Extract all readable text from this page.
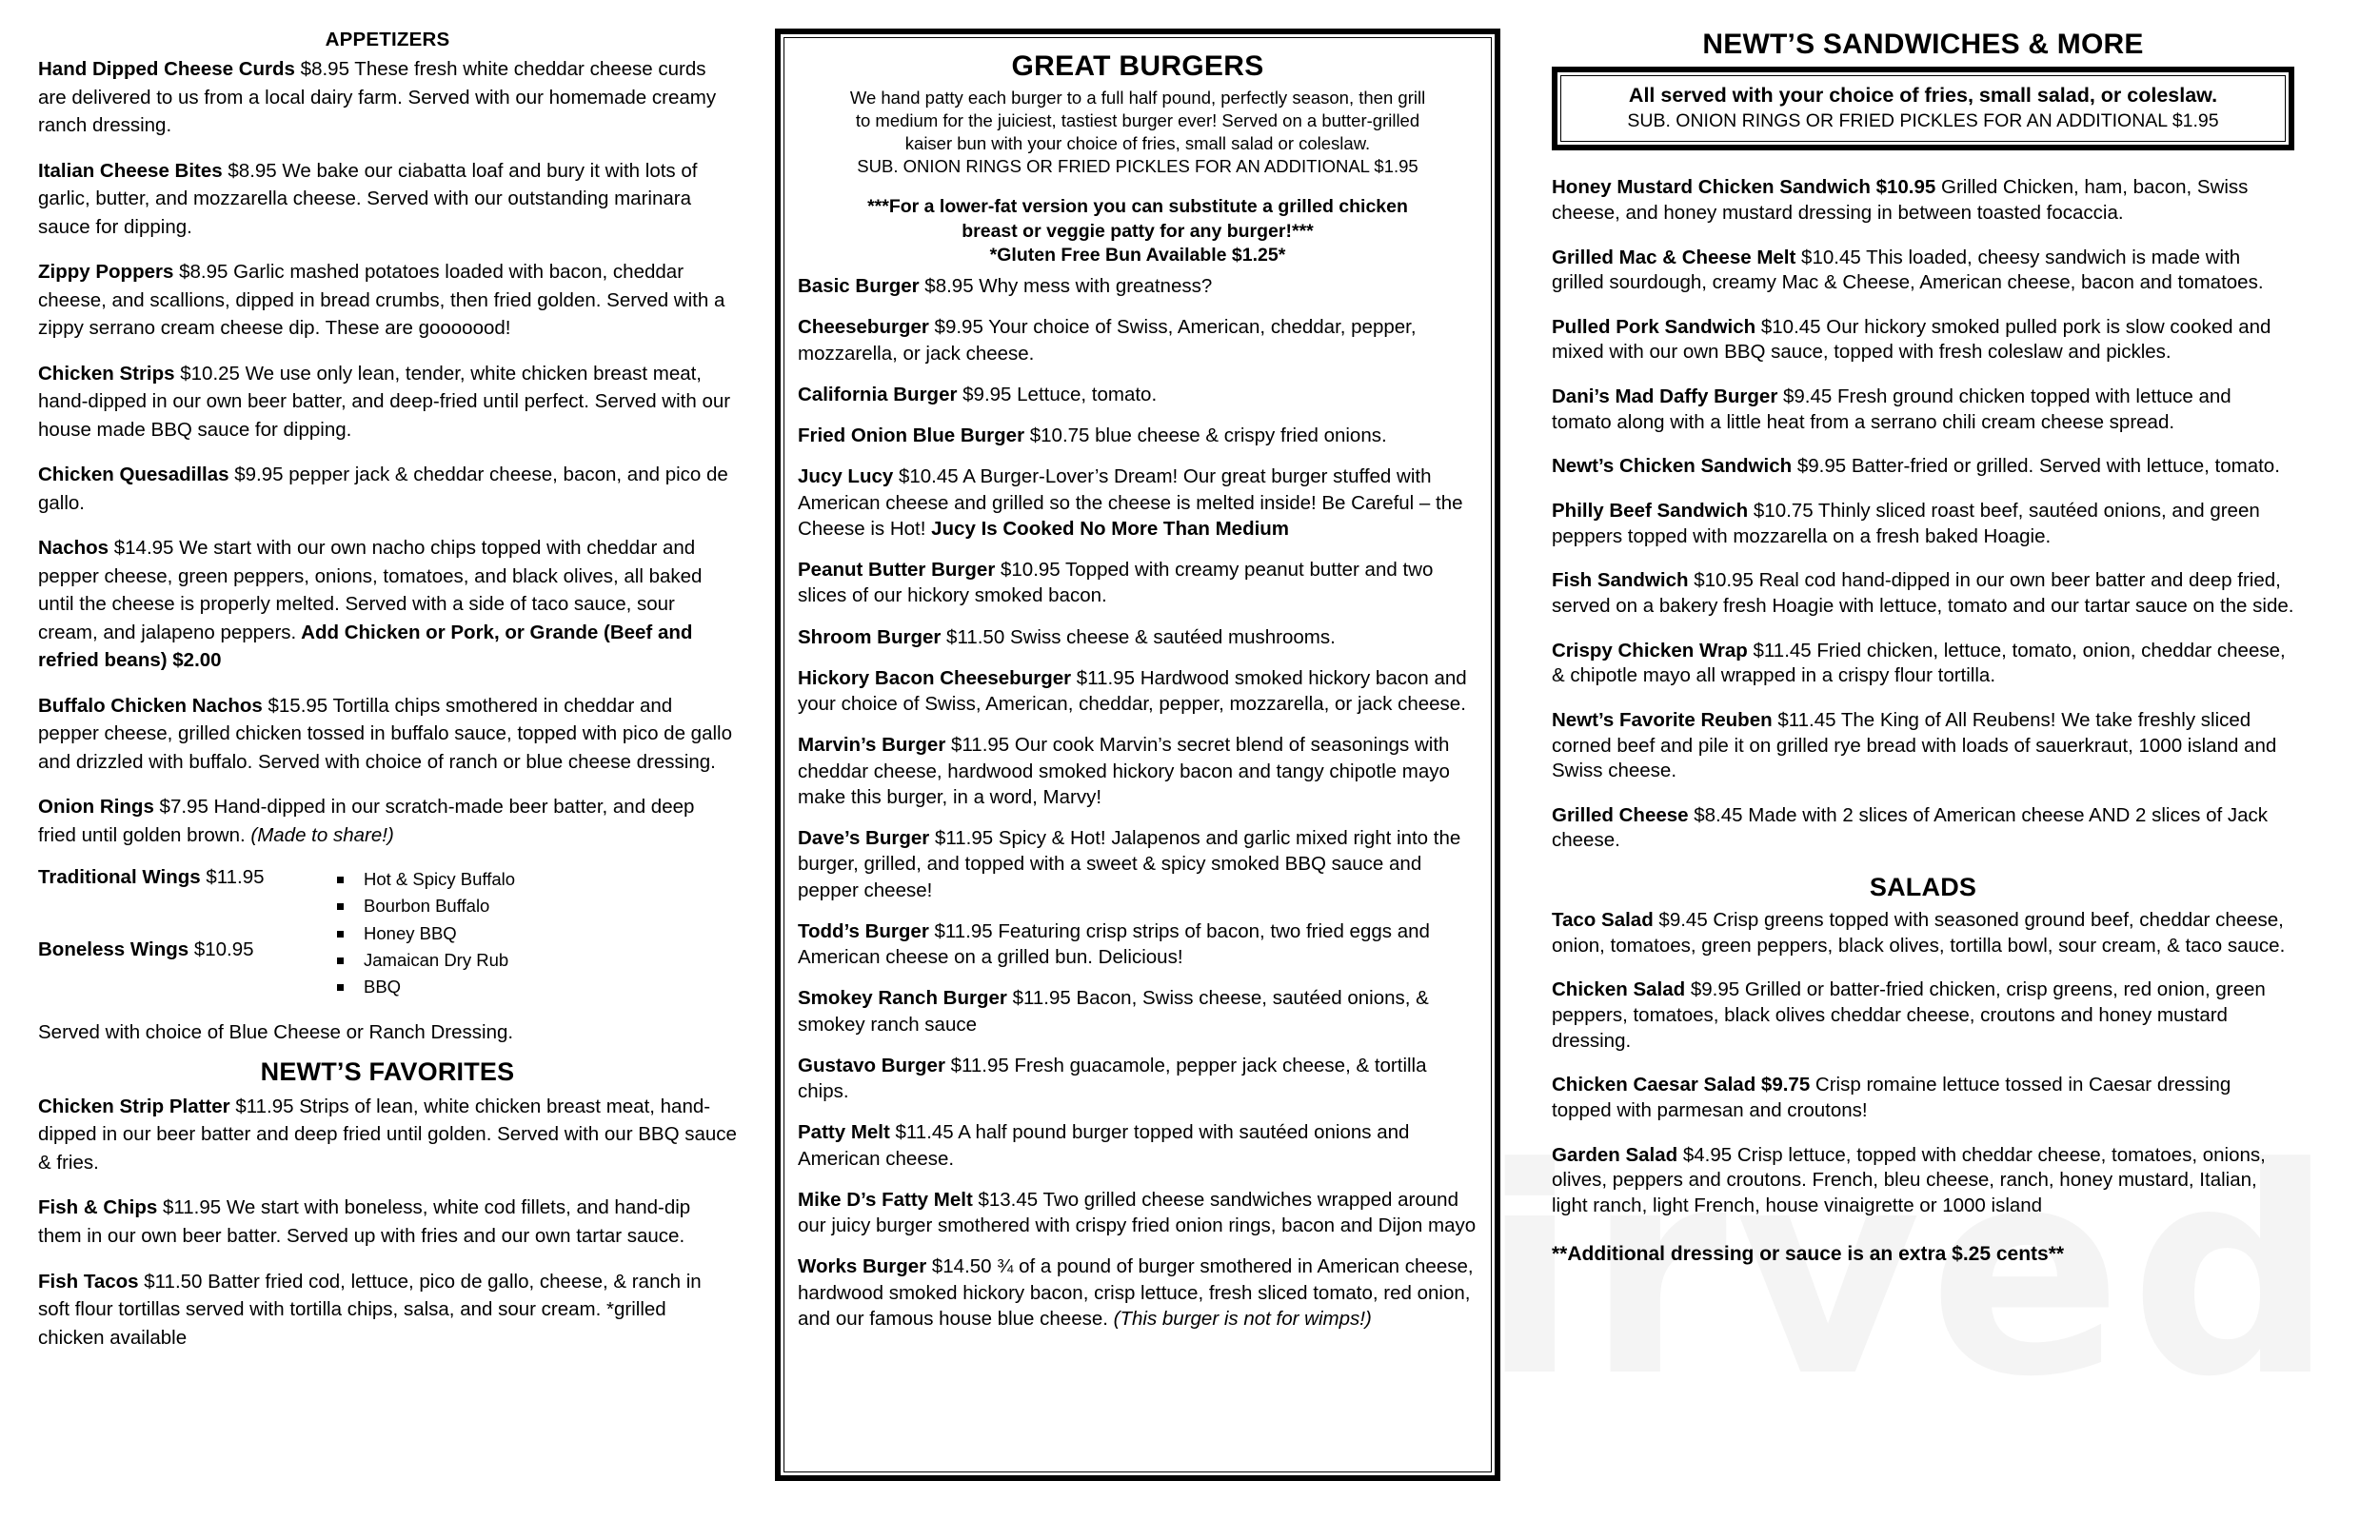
APPETIZERS

Hand Dipped Cheese Curds $8.95 These fresh white cheddar cheese curds are delivered to us from a local dairy farm. Served with our homemade creamy ranch dressing.

Italian Cheese Bites $8.95 We bake our ciabatta loaf and bury it with lots of garlic, butter, and mozzarella cheese. Served with our outstanding marinara sauce for dipping.

Zippy Poppers $8.95 Garlic mashed potatoes loaded with bacon, cheddar cheese, and scallions, dipped in bread crumbs, then fried golden. Served with a zippy serrano cream cheese dip. These are gooooood!

Chicken Strips $10.25 We use only lean, tender, white chicken breast meat, hand-dipped in our own beer batter, and deep-fried until perfect. Served with our house made BBQ sauce for dipping.

Chicken Quesadillas $9.95 pepper jack & cheddar cheese, bacon, and pico de gallo.

Nachos $14.95 We start with our own nacho chips topped with cheddar and pepper cheese, green peppers, onions, tomatoes, and black olives, all baked until the cheese is properly melted. Served with a side of taco sauce, sour cream, and jalapeno peppers. Add Chicken or Pork, or Grande (Beef and refried beans) $2.00

Buffalo Chicken Nachos $15.95 Tortilla chips smothered in cheddar and pepper cheese, grilled chicken tossed in buffalo sauce, topped with pico de gallo and drizzled with buffalo. Served with choice of ranch or blue cheese dressing.

Onion Rings $7.95 Hand-dipped in our scratch-made beer batter, and deep fried until golden brown. (Made to share!)

Traditional Wings $11.95
Boneless Wings $10.95
Hot & Spicy Buffalo
Bourbon Buffalo
Honey BBQ
Jamaican Dry Rub
BBQ
Served with choice of Blue Cheese or Ranch Dressing.
NEWT’S FAVORITES

Chicken Strip Platter $11.95 Strips of lean, white chicken breast meat, hand-dipped in our beer batter and deep fried until golden. Served with our BBQ sauce & fries.

Fish & Chips $11.95 We start with boneless, white cod fillets, and hand-dip them in our own beer batter. Served up with fries and our own tartar sauce.

Fish Tacos $11.50 Batter fried cod, lettuce, pico de gallo, cheese, & ranch in soft flour tortillas served with tortilla chips, salsa, and sour cream. *grilled chicken available

GREAT BURGERS
We hand patty each burger to a full half pound, perfectly season, then grill
to medium for the juiciest, tastiest burger ever! Served on a butter-grilled
kaiser bun with your choice of fries, small salad or coleslaw.
SUB. ONION RINGS OR FRIED PICKLES FOR AN ADDITIONAL $1.95
***For a lower-fat version you can substitute a grilled chicken
breast or veggie patty for any burger!***
*Gluten Free Bun Available $1.25*

Basic Burger $8.95 Why mess with greatness?

Cheeseburger $9.95 Your choice of Swiss, American, cheddar, pepper, mozzarella, or jack cheese.

California Burger $9.95 Lettuce, tomato.

Fried Onion Blue Burger $10.75 blue cheese & crispy fried onions.

Jucy Lucy $10.45 A Burger-Lover’s Dream! Our great burger stuffed with American cheese and grilled so the cheese is melted inside! Be Careful – the Cheese is Hot! Jucy Is Cooked No More Than Medium

Peanut Butter Burger $10.95 Topped with creamy peanut butter and two slices of our hickory smoked bacon.

Shroom Burger $11.50 Swiss cheese & sautéed mushrooms.

Hickory Bacon Cheeseburger $11.95 Hardwood smoked hickory bacon and your choice of Swiss, American, cheddar, pepper, mozzarella, or jack cheese.

Marvin’s Burger $11.95 Our cook Marvin’s secret blend of seasonings with cheddar cheese, hardwood smoked hickory bacon and tangy chipotle mayo make this burger, in a word, Marvy!

Dave’s Burger $11.95 Spicy & Hot! Jalapenos and garlic mixed right into the burger, grilled, and topped with a sweet & spicy smoked BBQ sauce and pepper cheese!

Todd’s Burger $11.95 Featuring crisp strips of bacon, two fried eggs and American cheese on a grilled bun. Delicious!

Smokey Ranch Burger $11.95 Bacon, Swiss cheese, sautéed onions, & smokey ranch sauce

Gustavo Burger $11.95 Fresh guacamole, pepper jack cheese, & tortilla chips.

Patty Melt $11.45 A half pound burger topped with sautéed onions and American cheese.

Mike D’s Fatty Melt $13.45 Two grilled cheese sandwiches wrapped around our juicy burger smothered with crispy fried onion rings, bacon and Dijon mayo

Works Burger $14.50 ¾ of a pound of burger smothered in American cheese, hardwood smoked hickory bacon, crisp lettuce, fresh sliced tomato, red onion, and our famous house blue cheese. (This burger is not for wimps!)

NEWT’S SANDWICHES & MORE
All served with your choice of fries, small salad, or coleslaw.
SUB. ONION RINGS OR FRIED PICKLES FOR AN ADDITIONAL $1.95

Honey Mustard Chicken Sandwich $10.95 Grilled Chicken, ham, bacon, Swiss cheese, and honey mustard dressing in between toasted focaccia.

Grilled Mac & Cheese Melt $10.45 This loaded, cheesy sandwich is made with grilled sourdough, creamy Mac & Cheese, American cheese, bacon and tomatoes.

Pulled Pork Sandwich $10.45 Our hickory smoked pulled pork is slow cooked and mixed with our own BBQ sauce, topped with fresh coleslaw and pickles.

Dani’s Mad Daffy Burger $9.45 Fresh ground chicken topped with lettuce and tomato along with a little heat from a serrano chili cream cheese spread.

Newt’s Chicken Sandwich $9.95 Batter-fried or grilled. Served with lettuce, tomato.

Philly Beef Sandwich $10.75 Thinly sliced roast beef, sautéed onions, and green peppers topped with mozzarella on a fresh baked Hoagie.

Fish Sandwich $10.95 Real cod hand-dipped in our own beer batter and deep fried, served on a bakery fresh Hoagie with lettuce, tomato and our tartar sauce on the side.

Crispy Chicken Wrap $11.45 Fried chicken, lettuce, tomato, onion, cheddar cheese, & chipotle mayo all wrapped in a crispy flour tortilla.

Newt’s Favorite Reuben $11.45 The King of All Reubens! We take freshly sliced corned beef and pile it on grilled rye bread with loads of sauerkraut, 1000 island and Swiss cheese.

Grilled Cheese $8.45 Made with 2 slices of American cheese AND 2 slices of Jack cheese.

SALADS

Taco Salad $9.45 Crisp greens topped with seasoned ground beef, cheddar cheese, onion, tomatoes, green peppers, black olives, tortilla bowl, sour cream, & taco sauce.

Chicken Salad $9.95 Grilled or batter-fried chicken, crisp greens, red onion, green peppers, tomatoes, black olives cheddar cheese, croutons and honey mustard dressing.

Chicken Caesar Salad $9.75 Crisp romaine lettuce tossed in Caesar dressing topped with parmesan and croutons!

Garden Salad $4.95 Crisp lettuce, topped with cheddar cheese, tomatoes, onions, olives, peppers and croutons. French, bleu cheese, ranch, honey mustard, Italian, light ranch, light French, house vinaigrette or 1000 island

**Additional dressing or sauce is an extra $.25 cents**
